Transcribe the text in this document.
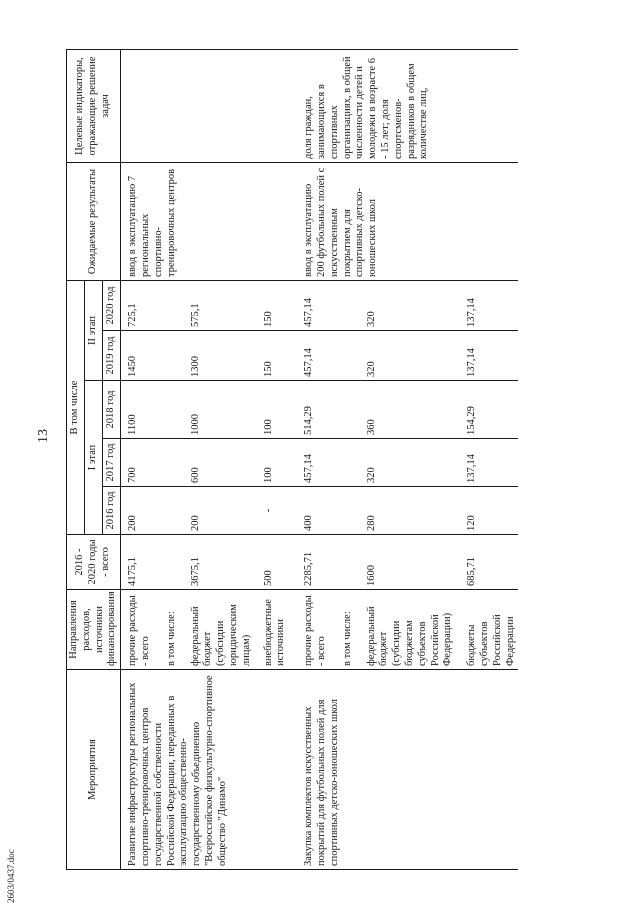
13
2603/0437.doc
Мероприятия	Направления расходов, источники финансирования	2016 - 2020 годы - всего	В том числе					Ожидаемые результаты	Целевые индикаторы, отражающие решение задач
			I этап			II этап			
			2016 год	2017 год	2018 год	2019 год	2020 год		
Развитие инфраструктуры региональных спортивно-тренировочных центров государственной собственности Российской Федерации, переданных в эксплуатацию общественно-государственному объединению "Всероссийское физкультурно-спортивное общество "Динамо"	прочие расходы - всего	4175,1	200	700	1100	1450	725,1	ввод в эксплуатацию 7 региональных спортивно-тренировочных центров	
	в том числе:								
	федеральный бюджет (субсидии юридическим лицам)	3675,1	200	600	1000	1300	575,1		
	внебюджетные источники	500	-	100	100	150	150		
Закупка комплектов искусственных покрытий для футбольных полей для спортивных детско-юношеских школ	прочие расходы - всего	2285,71	400	457,14	514,29	457,14	457,14	ввод в эксплуатацию 200 футбольных полей с искусственным покрытием для спортивных детско-юношеских школ	доля граждан, занимающихся в спортивных организациях, в общей численности детей и молодежи в возрасте 6 - 15 лет; доля спортсменов-разрядников в общем количестве лиц,
	в том числе:								
	федеральный бюджет (субсидии бюджетам субъектов Российской Федерации)	1600	280	320	360	320	320		
	бюджеты субъектов Российской Федерации	685,71	120	137,14	154,29	137,14	137,14		
